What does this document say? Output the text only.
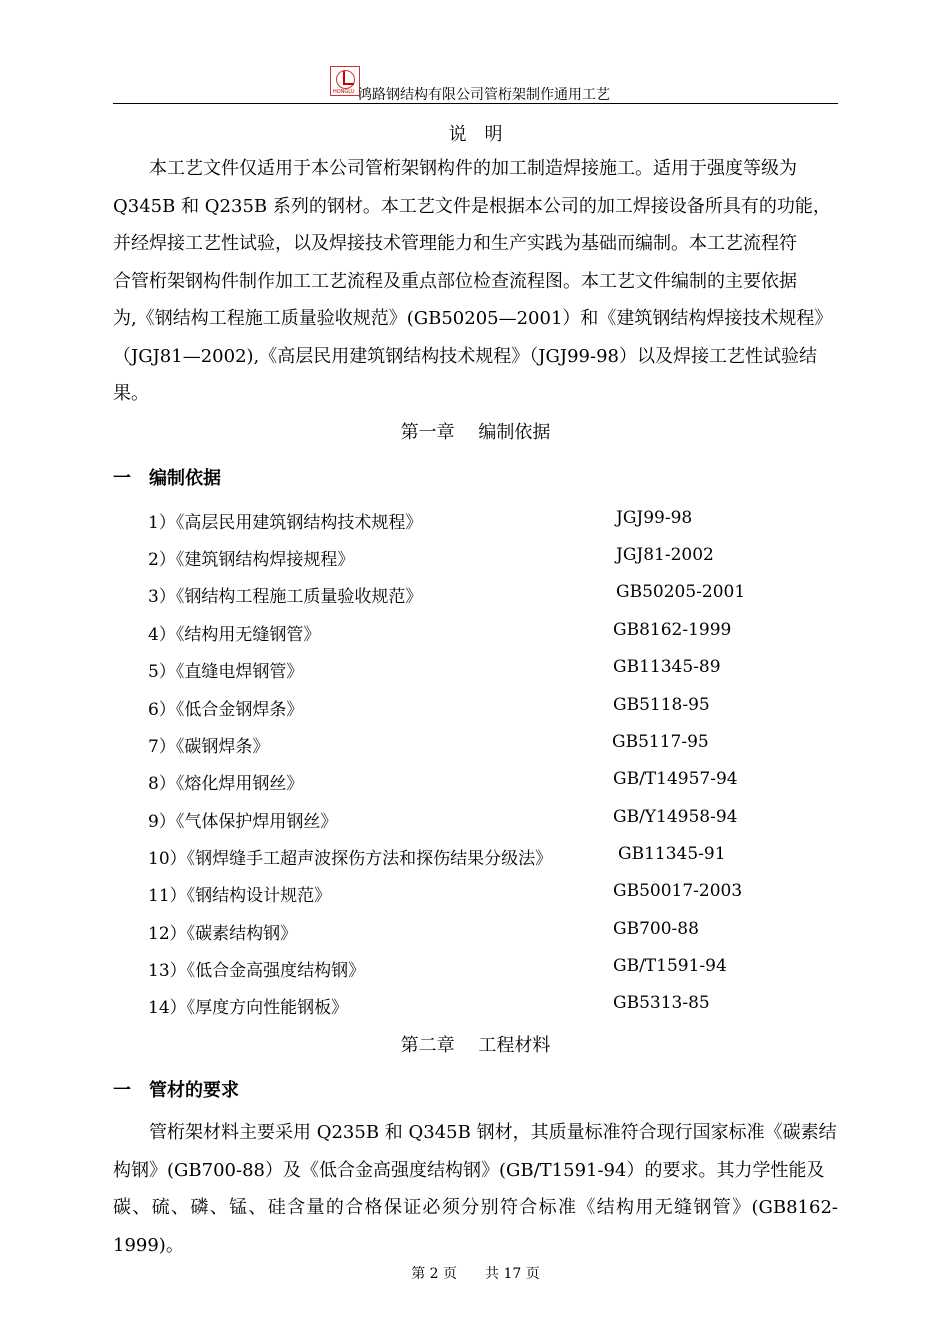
HONGLU 鸿路钢结构有限公司管桁架制作通用工艺
说　明

　　本工艺文件仅适用于本公司管桁架钢构件的加工制造焊接施工。适用于强度等级为

Q345B 和 Q235B 系列的钢材。本工艺文件是根据本公司的加工焊接设备所具有的功能，

并经焊接工艺性试验，以及焊接技术管理能力和生产实践为基础而编制。本工艺流程符

合管桁架钢构件制作加工工艺流程及重点部位检查流程图。本工艺文件编制的主要依据

为,《钢结构工程施工质量验收规范》(GB50205—2001）和《建筑钢结构焊接技术规程》

（JGJ81—2002),《高层民用建筑钢结构技术规程》（JGJ99-98）以及焊接工艺性试验结

果。

第一章　 编制依据
一　编制依据
1）《高层民用建筑钢结构技术规程》	JGJ99-98
2）《建筑钢结构焊接规程》	JGJ81-2002
3）《钢结构工程施工质量验收规范》	GB50205-2001
4）《结构用无缝钢管》	GB8162-1999
5）《直缝电焊钢管》	GB11345-89
6）《低合金钢焊条》	GB5118-95
7）《碳钢焊条》	GB5117-95
8）《熔化焊用钢丝》	GB/T14957-94
9）《气体保护焊用钢丝》	GB/Y14958-94
10）《钢焊缝手工超声波探伤方法和探伤结果分级法》	GB11345-91
11）《钢结构设计规范》	GB50017-2003
12）《碳素结构钢》	GB700-88
13）《低合金高强度结构钢》	GB/T1591-94
14）《厚度方向性能钢板》	GB5313-85
第二章　 工程材料
一　管材的要求

　　管桁架材料主要采用 Q235B 和 Q345B 钢材，其质量标准符合现行国家标准《碳素结

构钢》(GB700-88）及《低合金高强度结构钢》(GB/T1591-94）的要求。其力学性能及

碳、硫、磷、锰、硅含量的合格保证必须分别符合标准《结构用无缝钢管》(GB8162-1999)。

第 2 页　　共 17 页
